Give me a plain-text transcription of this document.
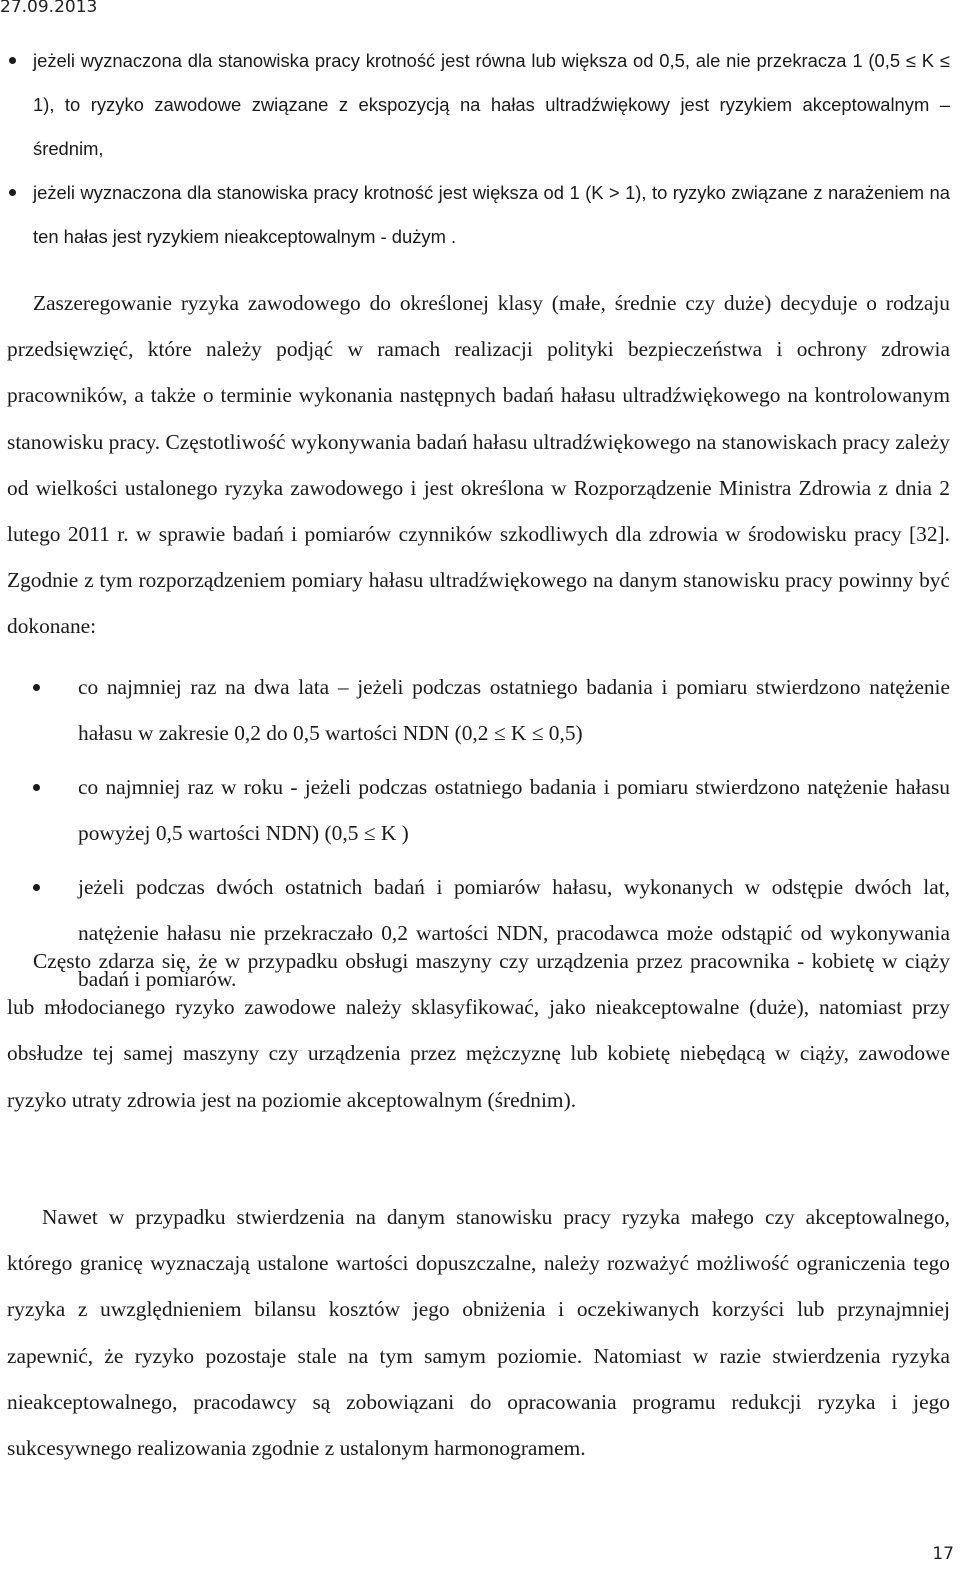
27.09.2013
jeżeli wyznaczona dla stanowiska pracy krotność jest równa lub większa od 0,5, ale nie przekracza 1 (0,5 ≤ K ≤ 1), to ryzyko zawodowe związane z ekspozycją na hałas ultradźwiękowy jest ryzykiem akceptowalnym – średnim,
jeżeli wyznaczona dla stanowiska pracy krotność jest większa od 1 (K > 1), to ryzyko związane z narażeniem na ten hałas jest ryzykiem nieakceptowalnym - dużym .

Zaszeregowanie ryzyka zawodowego do określonej klasy (małe, średnie czy duże) decyduje o rodzaju przedsięwzięć, które należy podjąć w ramach realizacji polityki bezpieczeństwa i ochrony zdrowia pracowników, a także o terminie wykonania następnych badań hałasu ultradźwiękowego na kontrolowanym stanowisku pracy. Częstotliwość wykonywania badań hałasu ultradźwiękowego na stanowiskach pracy zależy od wielkości ustalonego ryzyka zawodowego i jest określona w Rozporządzenie Ministra Zdrowia z dnia 2 lutego 2011 r. w sprawie badań i pomiarów czynników szkodliwych dla zdrowia w środowisku pracy [32]. Zgodnie z tym rozporządzeniem pomiary hałasu ultradźwiękowego na danym stanowisku pracy powinny być dokonane:

co najmniej raz na dwa lata – jeżeli podczas ostatniego badania i pomiaru stwierdzono natężenie hałasu w zakresie 0,2 do 0,5 wartości NDN (0,2 ≤ K ≤ 0,5)
co najmniej raz w roku - jeżeli podczas ostatniego badania i pomiaru stwierdzono natężenie hałasu powyżej 0,5 wartości NDN) (0,5 ≤ K )
jeżeli podczas dwóch ostatnich badań i pomiarów hałasu, wykonanych w odstępie dwóch lat, natężenie hałasu nie przekraczało 0,2 wartości NDN, pracodawca może odstąpić od wykonywania badań i pomiarów.

Często zdarza się, że w przypadku obsługi maszyny czy urządzenia przez pracownika - kobietę w ciąży lub młodocianego ryzyko zawodowe należy sklasyfikować, jako nieakceptowalne (duże), natomiast przy obsłudze tej samej maszyny czy urządzenia przez mężczyznę lub kobietę niebędącą w ciąży, zawodowe ryzyko utraty zdrowia jest na poziomie akceptowalnym (średnim).

Nawet w przypadku stwierdzenia na danym stanowisku pracy ryzyka małego czy akceptowalnego, którego granicę wyznaczają ustalone wartości dopuszczalne, należy rozważyć możliwość ograniczenia tego ryzyka z uwzględnieniem bilansu kosztów jego obniżenia i oczekiwanych korzyści lub przynajmniej zapewnić, że ryzyko pozostaje stale na tym samym poziomie. Natomiast w razie stwierdzenia ryzyka nieakceptowalnego, pracodawcy są zobowiązani do opracowania programu redukcji ryzyka i jego sukcesywnego realizowania zgodnie z ustalonym harmonogramem.

17
